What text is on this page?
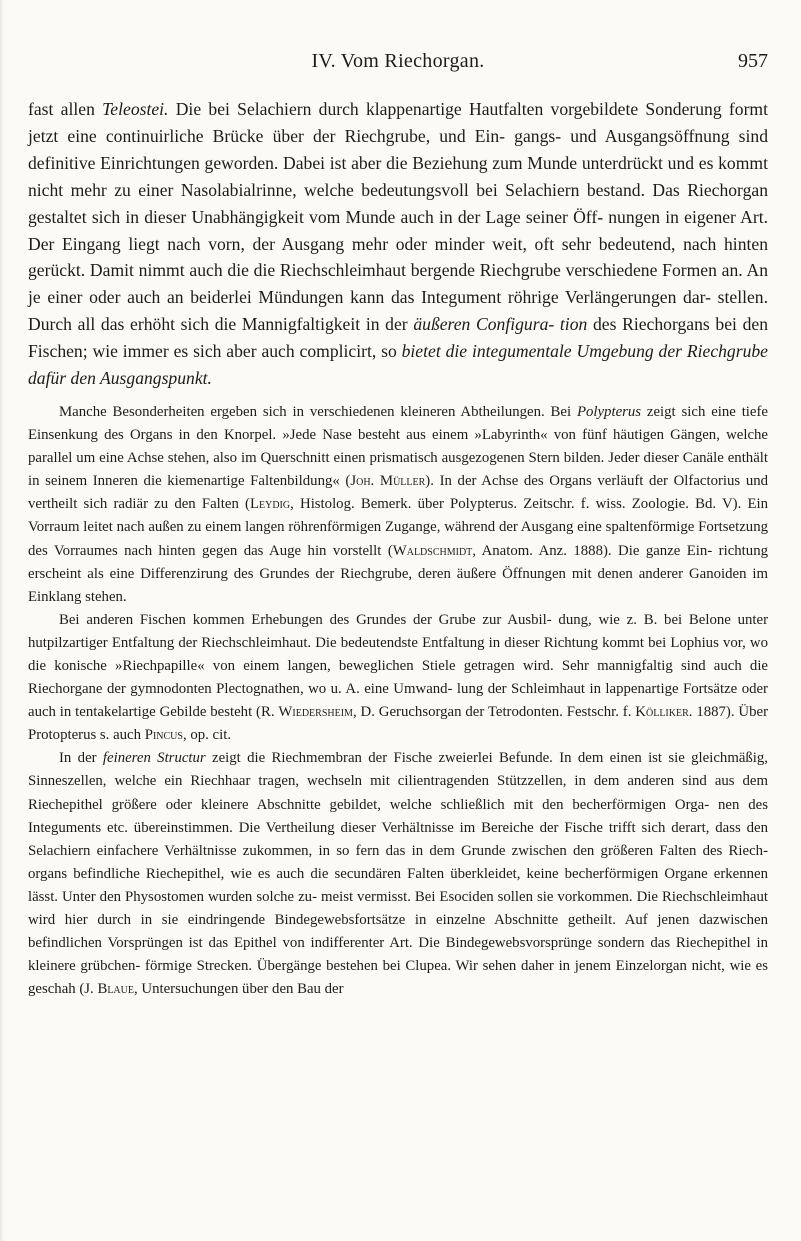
IV. Vom Riechorgan.	957

fast allen Teleostei. Die bei Selachiern durch klappenartige Hautfalten vorgebildete Sonderung formt jetzt eine continuirliche Brücke über der Riechgrube, und Ein- gangs- und Ausgangsöffnung sind definitive Einrichtungen geworden. Dabei ist aber die Beziehung zum Munde unterdrückt und es kommt nicht mehr zu einer Nasolabialrinne, welche bedeutungsvoll bei Selachiern bestand. Das Riechorgan gestaltet sich in dieser Unabhängigkeit vom Munde auch in der Lage seiner Öff- nungen in eigener Art. Der Eingang liegt nach vorn, der Ausgang mehr oder minder weit, oft sehr bedeutend, nach hinten gerückt. Damit nimmt auch die die Riechschleimhaut bergende Riechgrube verschiedene Formen an. An je einer oder auch an beiderlei Mündungen kann das Integument röhrige Verlängerungen dar- stellen. Durch all das erhöht sich die Mannigfaltigkeit in der äußeren Configura- tion des Riechorgans bei den Fischen; wie immer es sich aber auch complicirt, so bietet die integumentale Umgebung der Riechgrube dafür den Ausgangspunkt.

Manche Besonderheiten ergeben sich in verschiedenen kleineren Abtheilungen. Bei Polypterus zeigt sich eine tiefe Einsenkung des Organs in den Knorpel. »Jede Nase besteht aus einem »Labyrinth« von fünf häutigen Gängen, welche parallel um eine Achse stehen, also im Querschnitt einen prismatisch ausgezogenen Stern bilden. Jeder dieser Canäle enthält in seinem Inneren die kiemenartige Faltenbildung« (Joh. Müller). In der Achse des Organs verläuft der Olfactorius und vertheilt sich radiär zu den Falten (Leydig, Histolog. Bemerk. über Polypterus. Zeitschr. f. wiss. Zoologie. Bd. V). Ein Vorraum leitet nach außen zu einem langen röhrenförmigen Zugange, während der Ausgang eine spaltenförmige Fortsetzung des Vorraumes nach hinten gegen das Auge hin vorstellt (Waldschmidt, Anatom. Anz. 1888). Die ganze Ein- richtung erscheint als eine Differenzirung des Grundes der Riechgrube, deren äußere Öffnungen mit denen anderer Ganoiden im Einklang stehen.

Bei anderen Fischen kommen Erhebungen des Grundes der Grube zur Ausbil- dung, wie z. B. bei Belone unter hutpilzartiger Entfaltung der Riechschleimhaut. Die bedeutendste Entfaltung in dieser Richtung kommt bei Lophius vor, wo die konische »Riechpapille« von einem langen, beweglichen Stiele getragen wird. Sehr mannigfaltig sind auch die Riechorgane der gymnodonten Plectognathen, wo u. A. eine Umwand- lung der Schleimhaut in lappenartige Fortsätze oder auch in tentakelartige Gebilde besteht (R. Wiedersheim, D. Geruchsorgan der Tetrodonten. Festschr. f. Kölliker. 1887). Über Protopterus s. auch Pincus, op. cit.

In der feineren Structur zeigt die Riechmembran der Fische zweierlei Befunde. In dem einen ist sie gleichmäßig, Sinneszellen, welche ein Riechhaar tragen, wechseln mit cilientragenden Stützzellen, in dem anderen sind aus dem Riechepithel größere oder kleinere Abschnitte gebildet, welche schließlich mit den becherförmigen Orga- nen des Integuments etc. übereinstimmen. Die Vertheilung dieser Verhältnisse im Bereiche der Fische trifft sich derart, dass den Selachiern einfachere Verhältnisse zukommen, in so fern das in dem Grunde zwischen den größeren Falten des Riech- organs befindliche Riechepithel, wie es auch die secundären Falten überkleidet, keine becherförmigen Organe erkennen lässt. Unter den Physostomen wurden solche zu- meist vermisst. Bei Esociden sollen sie vorkommen. Die Riechschleimhaut wird hier durch in sie eindringende Bindegewebsfortsätze in einzelne Abschnitte getheilt. Auf jenen dazwischen befindlichen Vorsprüngen ist das Epithel von indifferenter Art. Die Bindegewebsvorsprünge sondern das Riechepithel in kleinere grübchen- förmige Strecken. Übergänge bestehen bei Clupea. Wir sehen daher in jenem Einzelorgan nicht, wie es geschah (J. Blaue, Untersuchungen über den Bau der
